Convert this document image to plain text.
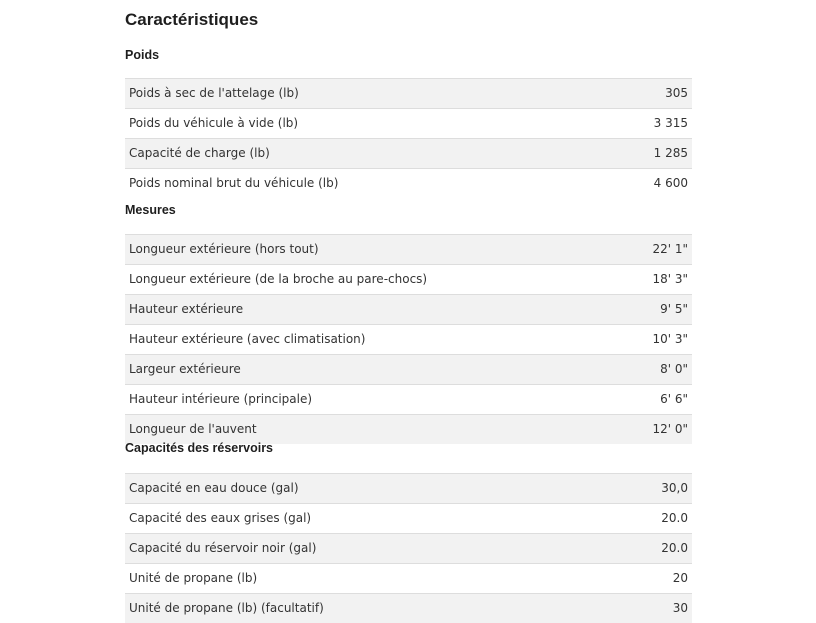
Caractéristiques
Poids
Poids à sec de l'attelage (lb)	305
Poids du véhicule à vide (lb)	3 315
Capacité de charge (lb)	1 285
Poids nominal brut du véhicule (lb)	4 600
Mesures
Longueur extérieure (hors tout)	22' 1"
Longueur extérieure (de la broche au pare-chocs)	18' 3"
Hauteur extérieure	9' 5"
Hauteur extérieure (avec climatisation)	10' 3"
Largeur extérieure	8' 0"
Hauteur intérieure (principale)	6' 6"
Longueur de l'auvent	12' 0"
Capacités des réservoirs
Capacité en eau douce (gal)	30,0
Capacité des eaux grises (gal)	20.0
Capacité du réservoir noir (gal)	20.0
Unité de propane (lb)	20
Unité de propane (lb) (facultatif)	30
